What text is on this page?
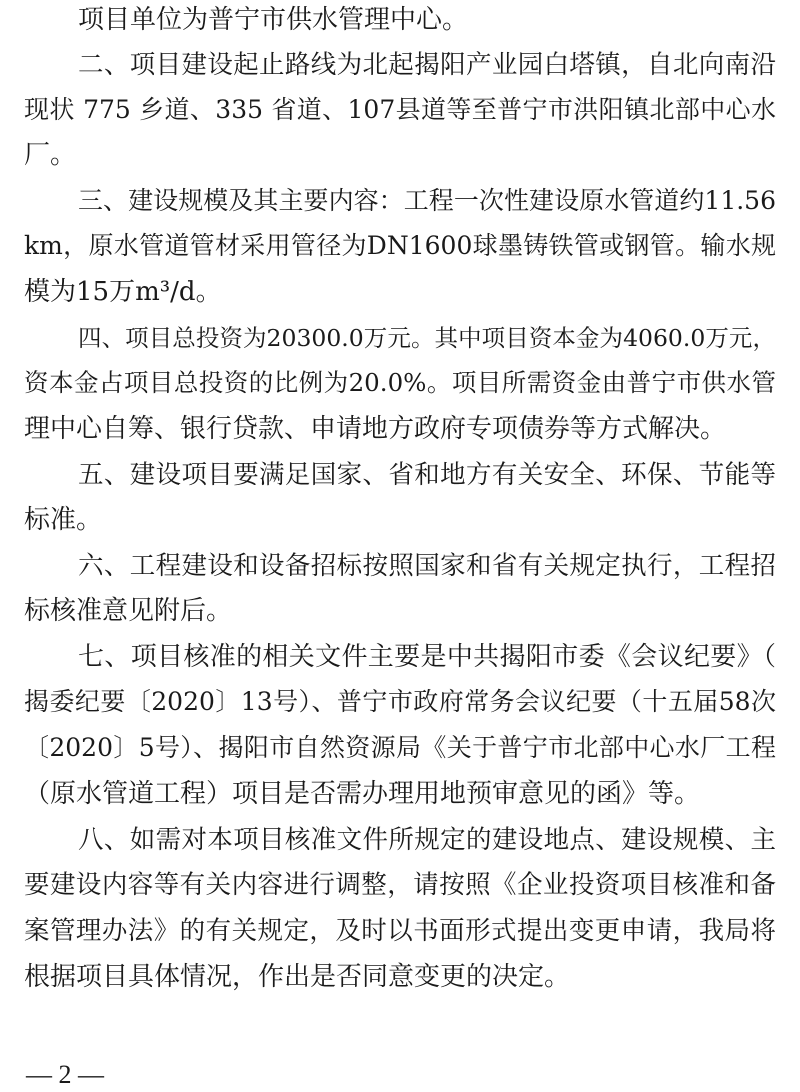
项目单位为普宁市供水管理中心。
二、项目建设起止路线为北起揭阳产业园白塔镇，自北向南沿
现状 775 乡道、335 省道、107县道等至普宁市洪阳镇北部中心水
厂。
三、建设规模及其主要内容：工程一次性建设原水管道约11.56
km，原水管道管材采用管径为DN1600球墨铸铁管或钢管。输水规
模为15万m³/d。
四、项目总投资为20300.0万元。其中项目资本金为4060.0万元，
资本金占项目总投资的比例为20.0%。项目所需资金由普宁市供水管
理中心自筹、银行贷款、申请地方政府专项债券等方式解决。
五、建设项目要满足国家、省和地方有关安全、环保、节能等
标准。
六、工程建设和设备招标按照国家和省有关规定执行，工程招
标核准意见附后。
七、项目核准的相关文件主要是中共揭阳市委《会议纪要》（
揭委纪要〔2020〕13号）、普宁市政府常务会议纪要（十五届58次
〔2020〕5号）、揭阳市自然资源局《关于普宁市北部中心水厂工程
（原水管道工程）项目是否需办理用地预审意见的函》等。
八、如需对本项目核准文件所规定的建设地点、建设规模、主
要建设内容等有关内容进行调整，请按照《企业投资项目核准和备
案管理办法》的有关规定，及时以书面形式提出变更申请，我局将
根据项目具体情况，作出是否同意变更的决定。
— 2 —
